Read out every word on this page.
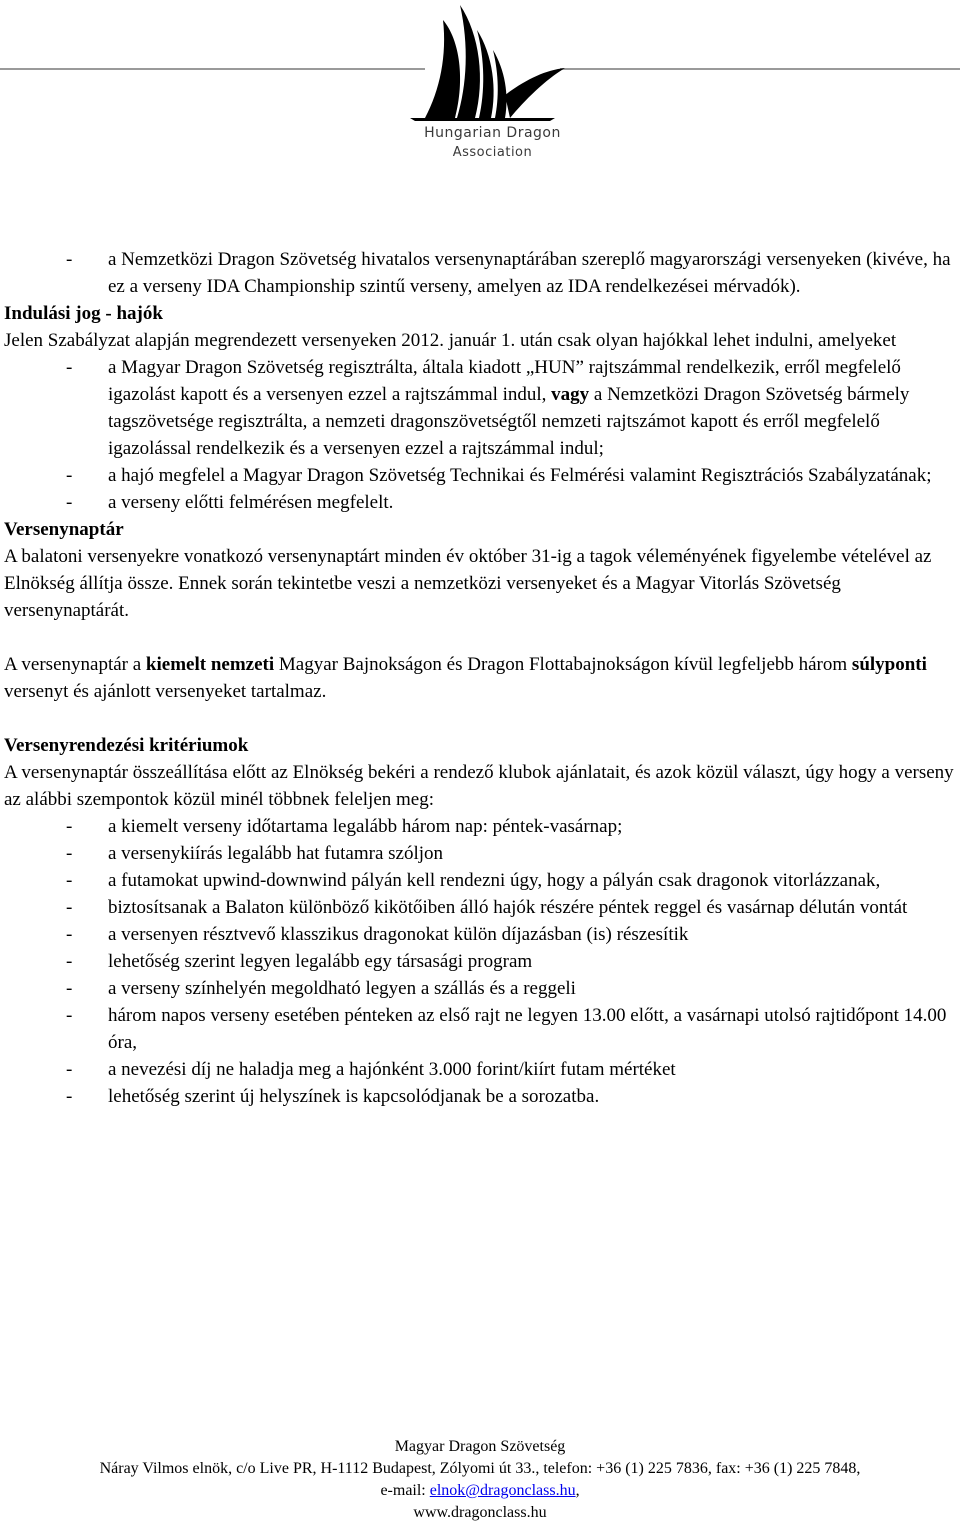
Hungarian Dragon
Association
-	a Nemzetközi Dragon Szövetség hivatalos versenynaptárában szereplő magyarországi versenyeken (kivéve, ha ez a verseny IDA Championship szintű verseny, amelyen az IDA rendelkezései mérvadók).

Indulási jog - hajók

Jelen Szabályzat alapján megrendezett versenyeken 2012. január 1. után csak olyan hajókkal lehet indulni, amelyeket

-	a Magyar Dragon Szövetség regisztrálta, általa kiadott „HUN” rajtszámmal rendelkezik, erről megfelelő igazolást kapott és a versenyen ezzel a rajtszámmal indul, vagy a Nemzetközi Dragon Szövetség bármely tagszövetsége regisztrálta, a nemzeti dragonszövetségtől nemzeti rajtszámot kapott és erről megfelelő igazolással rendelkezik és a versenyen ezzel a rajtszámmal indul;
-	a hajó megfelel a Magyar Dragon Szövetség Technikai és Felmérési valamint Regisztrációs Szabályzatának;
-	a verseny előtti felmérésen megfelelt.

Versenynaptár

A balatoni versenyekre vonatkozó versenynaptárt minden év október 31-ig a tagok véleményének figyelembe vételével az Elnökség állítja össze. Ennek során tekintetbe veszi a nemzetközi versenyeket és a Magyar Vitorlás Szövetség versenynaptárát.

A versenynaptár a kiemelt nemzeti Magyar Bajnokságon és Dragon Flottabajnokságon kívül legfeljebb három súlyponti versenyt és ajánlott versenyeket tartalmaz.

Versenyrendezési kritériumok

A versenynaptár összeállítása előtt az Elnökség bekéri a rendező klubok ajánlatait, és azok közül választ, úgy hogy a verseny az alábbi szempontok közül minél többnek feleljen meg:

-	a kiemelt verseny időtartama legalább három nap: péntek-vasárnap;
-	a versenykiírás legalább hat futamra szóljon
-	a futamokat upwind-downwind pályán kell rendezni úgy, hogy a pályán csak dragonok vitorlázzanak,
-	biztosítsanak a Balaton különböző kikötőiben álló hajók részére péntek reggel és vasárnap délután vontát
-	a versenyen résztvevő klasszikus dragonokat külön díjazásban (is) részesítik
-	lehetőség szerint legyen legalább egy társasági program
-	a verseny színhelyén megoldható legyen a szállás és a reggeli
-	három napos verseny esetében pénteken az első rajt ne legyen 13.00 előtt, a vasárnapi utolsó rajtidőpont 14.00 óra,
-	a nevezési díj ne haladja meg a hajónként 3.000 forint/kiírt futam mértéket
-	lehetőség szerint új helyszínek is kapcsolódjanak be a sorozatba.
Magyar Dragon Szövetség
Náray Vilmos elnök, c/o Live PR, H-1112 Budapest, Zólyomi út 33., telefon: +36 (1) 225 7836, fax: +36 (1) 225 7848,
e-mail: elnok@dragonclass.hu,
www.dragonclass.hu
